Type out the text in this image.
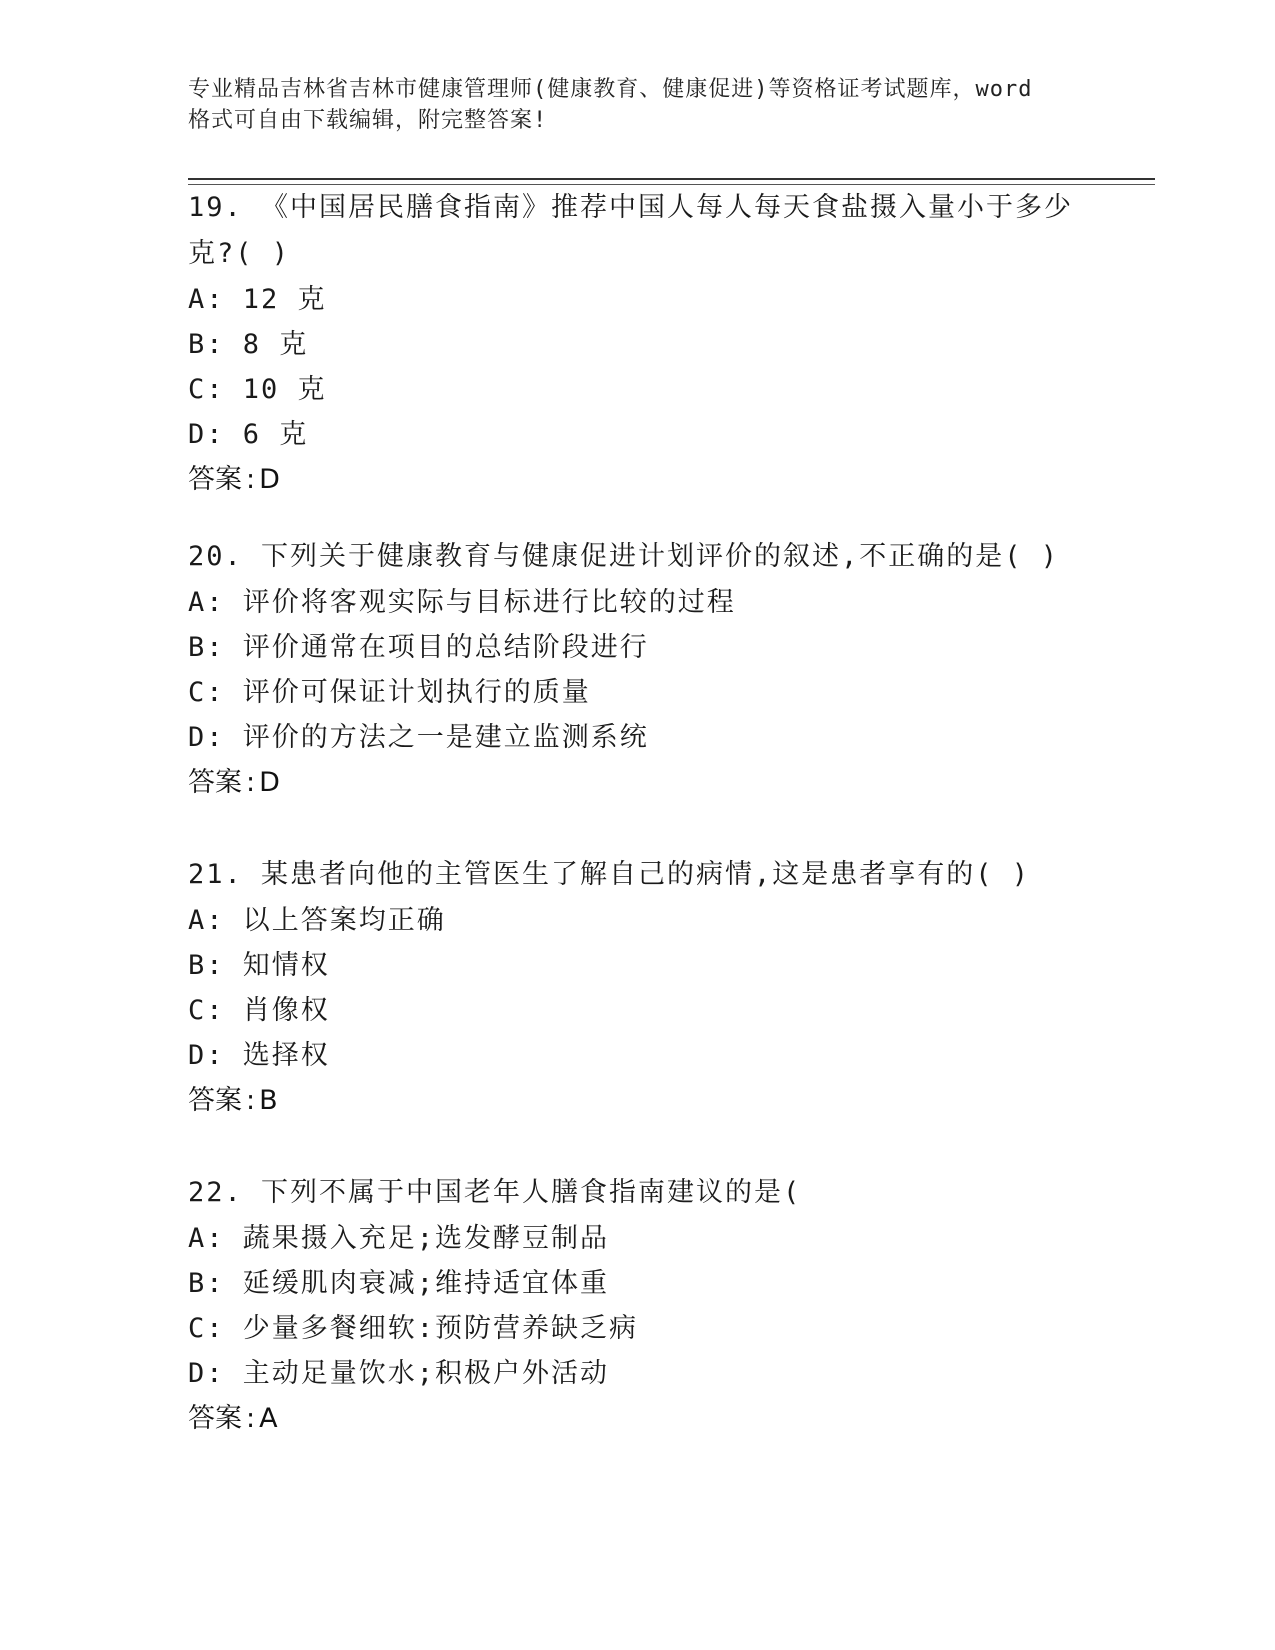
专业精品吉林省吉林市健康管理师(健康教育、健康促进)等资格证考试题库，word
格式可自由下载编辑，附完整答案!

19. 《中国居民膳食指南》推荐中国人每人每天食盐摄入量小于多少

克?( )

A: 12 克

B: 8 克

C: 10 克

D: 6 克

答案 : D

20. 下列关于健康教育与健康促进计划评价的叙述,不正确的是( )

A: 评价将客观实际与目标进行比较的过程

B: 评价通常在项目的总结阶段进行

C: 评价可保证计划执行的质量

D: 评价的方法之一是建立监测系统

答案 : D

21. 某患者向他的主管医生了解自己的病情,这是患者享有的( )

A: 以上答案均正确

B: 知情权

C: 肖像权

D: 选择权

答案 : B

22. 下列不属于中国老年人膳食指南建议的是(

A: 蔬果摄入充足;选发酵豆制品

B: 延缓肌肉衰减;维持适宜体重

C: 少量多餐细软:预防营养缺乏病

D: 主动足量饮水;积极户外活动

答案 : A
